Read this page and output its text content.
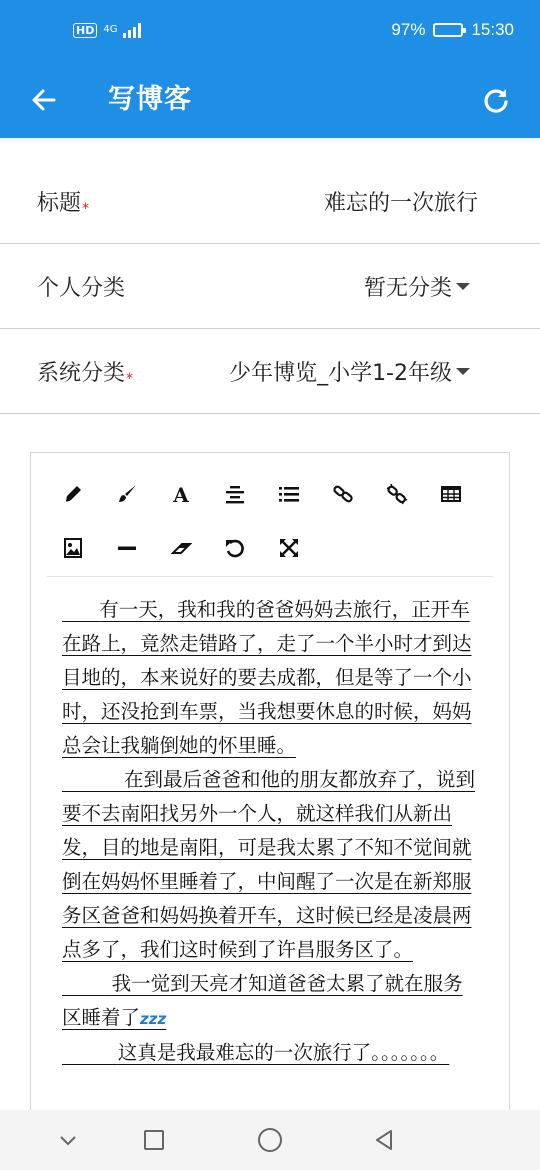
HD 4G	97%	15:30
写博客
标题*	难忘的一次旅行
个人分类	暂无分类
系统分类*	少年博览_小学1-2年级
A

有一天，我和我的爸爸妈妈去旅行，正开车在路上，竟然走错路了，走了一个半小时才到达目地的，本来说好的要去成都，但是等了一个小时，还没抢到车票，当我想要休息的时候，妈妈总会让我躺倒她的怀里睡。

在到最后爸爸和他的朋友都放弃了，说到要不去南阳找另外一个人，就这样我们从新出发，目的地是南阳，可是我太累了不知不觉间就倒在妈妈怀里睡着了，中间醒了一次是在新郑服务区爸爸和妈妈换着开车，这时候已经是凌晨两点多了，我们这时候到了许昌服务区了。

我一觉到天亮才知道爸爸太累了就在服务区睡着了zzz

这真是我最难忘的一次旅行了。。。。。。。
